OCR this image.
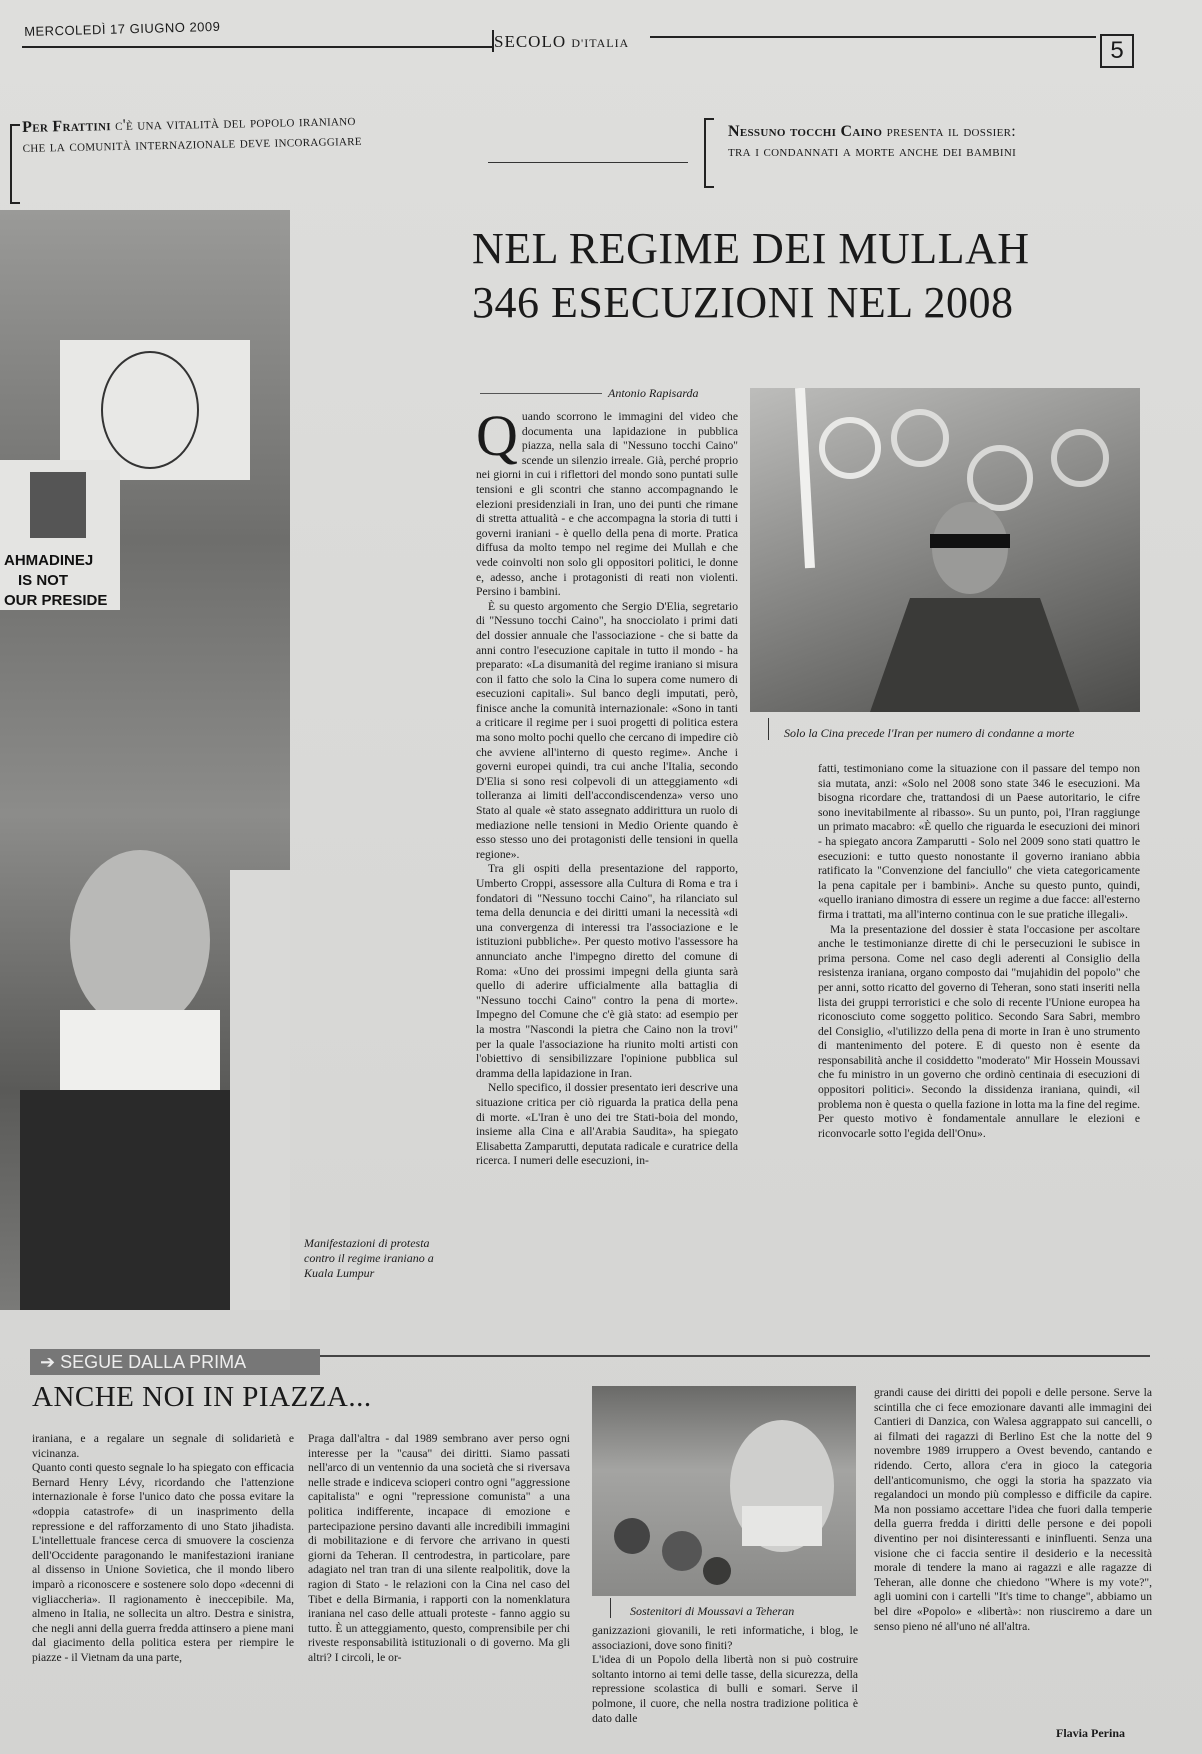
MERCOLEDÌ 17 GIUGNO 2009
SECOLO D'ITALIA	5
Per Frattini c'è una vitalità del popolo iraniano
che la comunità internazionale deve incoraggiare
Nessuno tocchi Caino presenta il dossier:
tra i condannati a morte anche dei bambini
AHMADINEJ
IS NOT
OUR PRESIDE
NEL REGIME DEI MULLAH
346 ESECUZIONI NEL 2008
Antonio Rapisarda
Solo la Cina precede l'Iran per numero di condanne a morte

Quando scorrono le immagini del video che documenta una lapidazione in pubblica piazza, nella sala di "Nessuno tocchi Caino" scende un silenzio irreale. Già, perché proprio nei giorni in cui i riflettori del mondo sono puntati sulle tensioni e gli scontri che stanno accompagnando le elezioni presidenziali in Iran, uno dei punti che rimane di stretta attualità - e che accompagna la storia di tutti i governi iraniani - è quello della pena di morte. Pratica diffusa da molto tempo nel regime dei Mullah e che vede coinvolti non solo gli oppositori politici, le donne e, adesso, anche i protagonisti di reati non violenti. Persino i bambini.

È su questo argomento che Sergio D'Elia, segretario di "Nessuno tocchi Caino", ha snocciolato i primi dati del dossier annuale che l'associazione - che si batte da anni contro l'esecuzione capitale in tutto il mondo - ha preparato: «La disumanità del regime iraniano si misura con il fatto che solo la Cina lo supera come numero di esecuzioni capitali». Sul banco degli imputati, però, finisce anche la comunità internazionale: «Sono in tanti a criticare il regime per i suoi progetti di politica estera ma sono molto pochi quello che cercano di impedire ciò che avviene all'interno di questo regime». Anche i governi europei quindi, tra cui anche l'Italia, secondo D'Elia si sono resi colpevoli di un atteggiamento «di tolleranza ai limiti dell'accondiscendenza» verso uno Stato al quale «è stato assegnato addirittura un ruolo di mediazione nelle tensioni in Medio Oriente quando è esso stesso uno dei protagonisti delle tensioni in quella regione».

Tra gli ospiti della presentazione del rapporto, Umberto Croppi, assessore alla Cultura di Roma e tra i fondatori di "Nessuno tocchi Caino", ha rilanciato sul tema della denuncia e dei diritti umani la necessità «di una convergenza di interessi tra l'associazione e le istituzioni pubbliche». Per questo motivo l'assessore ha annunciato anche l'impegno diretto del comune di Roma: «Uno dei prossimi impegni della giunta sarà quello di aderire ufficialmente alla battaglia di "Nessuno tocchi Caino" contro la pena di morte». Impegno del Comune che c'è già stato: ad esempio per la mostra "Nascondi la pietra che Caino non la trovi" per la quale l'associazione ha riunito molti artisti con l'obiettivo di sensibilizzare l'opinione pubblica sul dramma della lapidazione in Iran.

Nello specifico, il dossier presentato ieri descrive una situazione critica per ciò riguarda la pratica della pena di morte. «L'Iran è uno dei tre Stati-boia del mondo, insieme alla Cina e all'Arabia Saudita», ha spiegato Elisabetta Zamparutti, deputata radicale e curatrice della ricerca. I numeri delle esecuzioni, in-

fatti, testimoniano come la situazione con il passare del tempo non sia mutata, anzi: «Solo nel 2008 sono state 346 le esecuzioni. Ma bisogna ricordare che, trattandosi di un Paese autoritario, le cifre sono inevitabilmente al ribasso». Su un punto, poi, l'Iran raggiunge un primato macabro: «È quello che riguarda le esecuzioni dei minori - ha spiegato ancora Zamparutti - Solo nel 2009 sono stati quattro le esecuzioni: e tutto questo nonostante il governo iraniano abbia ratificato la "Convenzione del fanciullo" che vieta categoricamente la pena capitale per i bambini». Anche su questo punto, quindi, «quello iraniano dimostra di essere un regime a due facce: all'esterno firma i trattati, ma all'interno continua con le sue pratiche illegali».

Ma la presentazione del dossier è stata l'occasione per ascoltare anche le testimonianze dirette di chi le persecuzioni le subisce in prima persona. Come nel caso degli aderenti al Consiglio della resistenza iraniana, organo composto dai "mujahidin del popolo" che per anni, sotto ricatto del governo di Teheran, sono stati inseriti nella lista dei gruppi terroristici e che solo di recente l'Unione europea ha riconosciuto come soggetto politico. Secondo Sara Sabri, membro del Consiglio, «l'utilizzo della pena di morte in Iran è uno strumento di mantenimento del potere. E di questo non è esente da responsabilità anche il cosiddetto "moderato" Mir Hossein Moussavi che fu ministro in un governo che ordinò centinaia di esecuzioni di oppositori politici». Secondo la dissidenza iraniana, quindi, «il problema non è questa o quella fazione in lotta ma la fine del regime. Per questo motivo è fondamentale annullare le elezioni e riconvocarle sotto l'egida dell'Onu».

Manifestazioni di protesta contro il regime iraniano a Kuala Lumpur
➔ SEGUE DALLA PRIMA
ANCHE NOI IN PIAZZA...
iraniana, e a regalare un segnale di solidarietà e vicinanza.
Quanto conti questo segnale lo ha spiegato con efficacia Bernard Henry Lévy, ricordando che l'attenzione internazionale è forse l'unico dato che possa evitare la «doppia catastrofe» di un inasprimento della repressione e del rafforzamento di uno Stato jihadista. L'intellettuale francese cerca di smuovere la coscienza dell'Occidente paragonando le manifestazioni iraniane al dissenso in Unione Sovietica, che il mondo libero imparò a riconoscere e sostenere solo dopo «decenni di vigliaccheria». Il ragionamento è ineccepibile. Ma, almeno in Italia, ne sollecita un altro. Destra e sinistra, che negli anni della guerra fredda attinsero a piene mani dal giacimento della politica estera per riempire le piazze - il Vietnam da una parte,
Praga dall'altra - dal 1989 sembrano aver perso ogni interesse per la "causa" dei diritti. Siamo passati nell'arco di un ventennio da una società che si riversava nelle strade e indiceva scioperi contro ogni "aggressione capitalista" e ogni "repressione comunista" a una politica indifferente, incapace di emozione e partecipazione persino davanti alle incredibili immagini di mobilitazione e di fervore che arrivano in questi giorni da Teheran. Il centrodestra, in particolare, pare adagiato nel tran tran di una silente realpolitik, dove la ragion di Stato - le relazioni con la Cina nel caso del Tibet e della Birmania, i rapporti con la nomenklatura iraniana nel caso delle attuali proteste - fanno aggio su tutto. È un atteggiamento, questo, comprensibile per chi riveste responsabilità istituzionali o di governo. Ma gli altri? I circoli, le or-
Sostenitori di Moussavi a Teheran
ganizzazioni giovanili, le reti informatiche, i blog, le associazioni, dove sono finiti?
L'idea di un Popolo della libertà non si può costruire soltanto intorno ai temi delle tasse, della sicurezza, della repressione scolastica di bulli e somari. Serve il polmone, il cuore, che nella nostra tradizione politica è dato dalle
grandi cause dei diritti dei popoli e delle persone. Serve la scintilla che ci fece emozionare davanti alle immagini dei Cantieri di Danzica, con Walesa aggrappato sui cancelli, o ai filmati dei ragazzi di Berlino Est che la notte del 9 novembre 1989 irruppero a Ovest bevendo, cantando e ridendo. Certo, allora c'era in gioco la categoria dell'anticomunismo, che oggi la storia ha spazzato via regalandoci un mondo più complesso e difficile da capire. Ma non possiamo accettare l'idea che fuori dalla temperie della guerra fredda i diritti delle persone e dei popoli diventino per noi disinteressanti e ininfluenti. Senza una visione che ci faccia sentire il desiderio e la necessità morale di tendere la mano ai ragazzi e alle ragazze di Teheran, alle donne che chiedono "Where is my vote?", agli uomini con i cartelli "It's time to change", abbiamo un bel dire «Popolo» e «libertà»: non riusciremo a dare un senso pieno né all'uno né all'altra.
Flavia Perina
